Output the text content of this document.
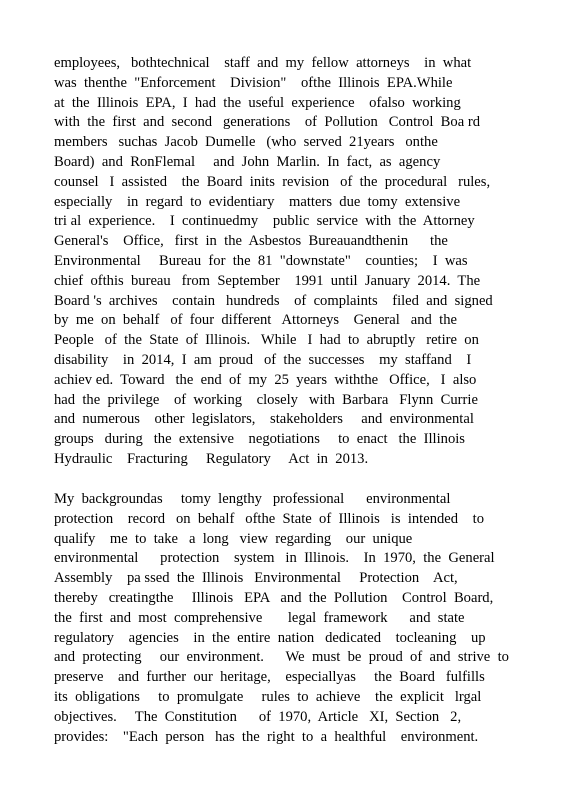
employees,   bothtechnical    staff  and  my  fellow  attorneys    in  what
was  thenthe  "Enforcement    Division"    ofthe  Illinois  EPA.While
at  the  Illinois  EPA,  I  had  the  useful  experience    ofalso  working
with  the  first  and  second   generations    of  Pollution   Control  Boa rd
members   suchas  Jacob  Dumelle   (who  served  21years   onthe
Board)  and  RonFlemal     and  John  Marlin.  In  fact,  as  agency
counsel   I  assisted    the  Board  inits  revision   of  the  procedural   rules,
especially    in  regard  to  evidentiary    matters  due  tomy  extensive
tri al  experience.    I  continuedmy    public  service  with  the  Attorney
General's    Office,   first  in  the  Asbestos  Bureauandthenin      the
Environmental     Bureau  for  the  81  "downstate"    counties;    I  was
chief  ofthis  bureau   from  September    1991  until  January  2014.  The
Board 's  archives    contain   hundreds    of  complaints    filed  and  signed
by  me  on  behalf   of  four  different   Attorneys    General   and  the
People   of  the  State  of  Illinois.   While   I  had  to  abruptly   retire  on
disability    in  2014,  I  am  proud   of  the  successes    my  staffand    I
achiev ed.  Toward   the  end  of  my  25  years  withthe   Office,   I  also
had  the  privilege    of  working    closely   with  Barbara   Flynn  Currie
and  numerous    other  legislators,    stakeholders     and  environmental
groups   during   the  extensive    negotiations     to  enact   the  Illinois
Hydraulic    Fracturing     Regulatory     Act  in  2013.
My  backgroundas     tomy  lengthy   professional      environmental
protection    record   on  behalf   ofthe  State  of  Illinois   is  intended    to
qualify    me  to  take   a  long   view  regarding    our  unique
environmental      protection    system   in  Illinois.    In  1970,  the  General
Assembly    pa ssed  the  Illinois   Environmental     Protection    Act,
thereby   creatingthe     Illinois   EPA   and  the  Pollution    Control  Board,
the  first  and  most  comprehensive       legal  framework      and  state
regulatory    agencies    in  the  entire  nation   dedicated    tocleaning    up
and  protecting     our  environment.      We  must  be  proud  of  and  strive  to
preserve    and  further  our  heritage,    especiallyas     the  Board   fulfills
its  obligations     to  promulgate     rules  to  achieve    the  explicit   lrgal
objectives.     The  Constitution      of  1970,  Article   XI,  Section   2,
provides:    "Each  person   has  the  right  to  a  healthful    environment.
